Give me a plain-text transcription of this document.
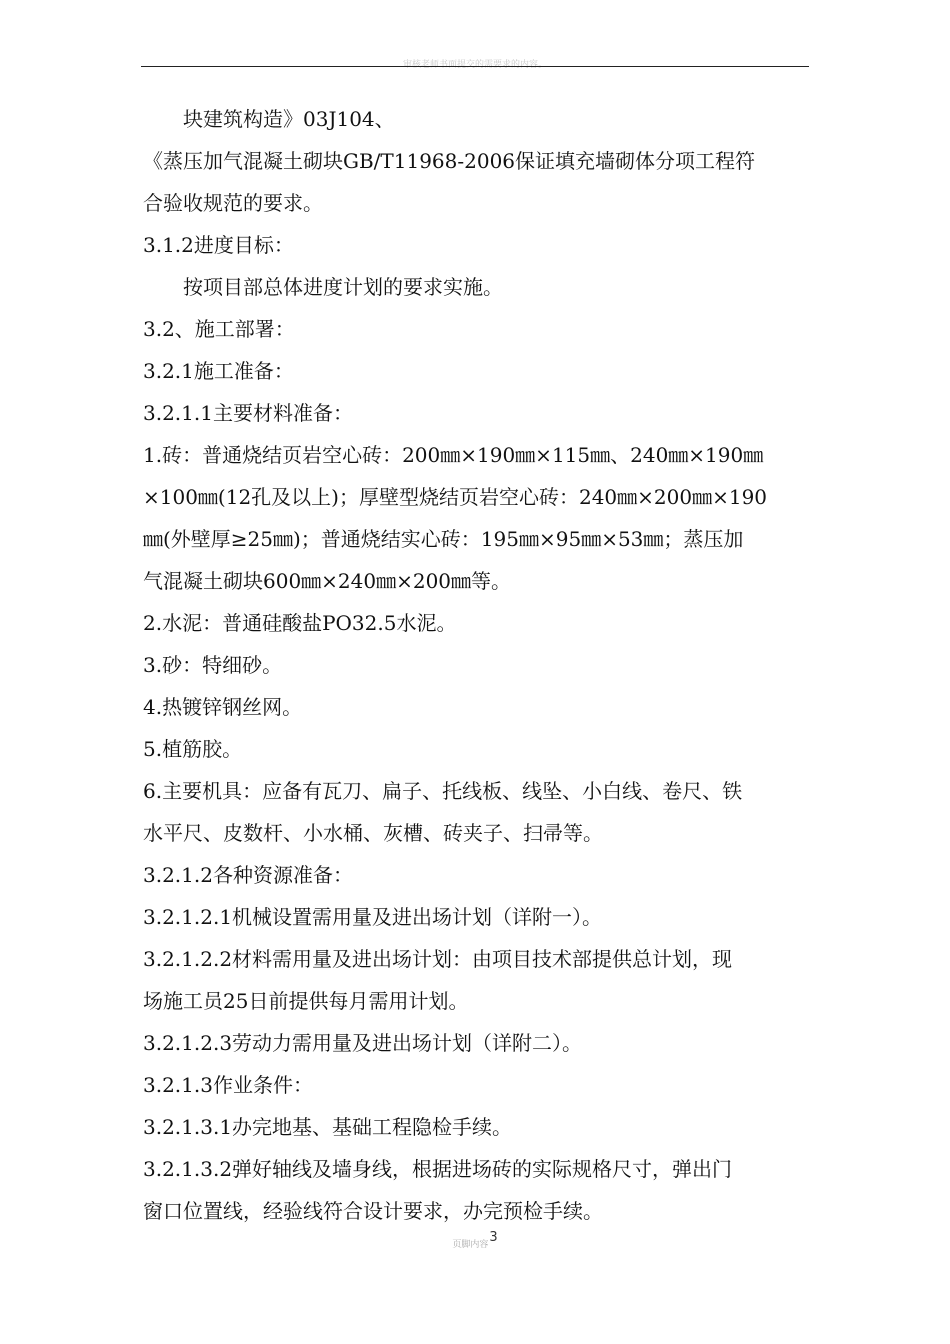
审核老师书面提交的需要求的内容。
块建筑构造》03J104、
《蒸压加气混凝土砌块GB/T11968-2006保证填充墙砌体分项工程符
合验收规范的要求。
3.1.2进度目标：
按项目部总体进度计划的要求实施。
3.2、施工部署：
3.2.1施工准备：
3.2.1.1主要材料准备：
1.砖：普通烧结页岩空心砖：200㎜×190㎜×115㎜、240㎜×190㎜
×100㎜(12孔及以上)；厚壁型烧结页岩空心砖：240㎜×200㎜×190
㎜(外壁厚≥25㎜)；普通烧结实心砖：195㎜×95㎜×53㎜；蒸压加
气混凝土砌块600㎜×240㎜×200㎜等。
2.水泥：普通硅酸盐PO32.5水泥。
3.砂：特细砂。
4.热镀锌钢丝网。
5.植筋胶。
6.主要机具：应备有瓦刀、扁子、托线板、线坠、小白线、卷尺、铁
水平尺、皮数杆、小水桶、灰槽、砖夹子、扫帚等。
3.2.1.2各种资源准备：
3.2.1.2.1机械设置需用量及进出场计划（详附一）。
3.2.1.2.2材料需用量及进出场计划：由项目技术部提供总计划，现
场施工员25日前提供每月需用计划。
3.2.1.2.3劳动力需用量及进出场计划（详附二）。
3.2.1.3作业条件：
3.2.1.3.1办完地基、基础工程隐检手续。
3.2.1.3.2弹好轴线及墙身线，根据进场砖的实际规格尺寸，弹出门
窗口位置线，经验线符合设计要求，办完预检手续。
页脚内容$^3$
